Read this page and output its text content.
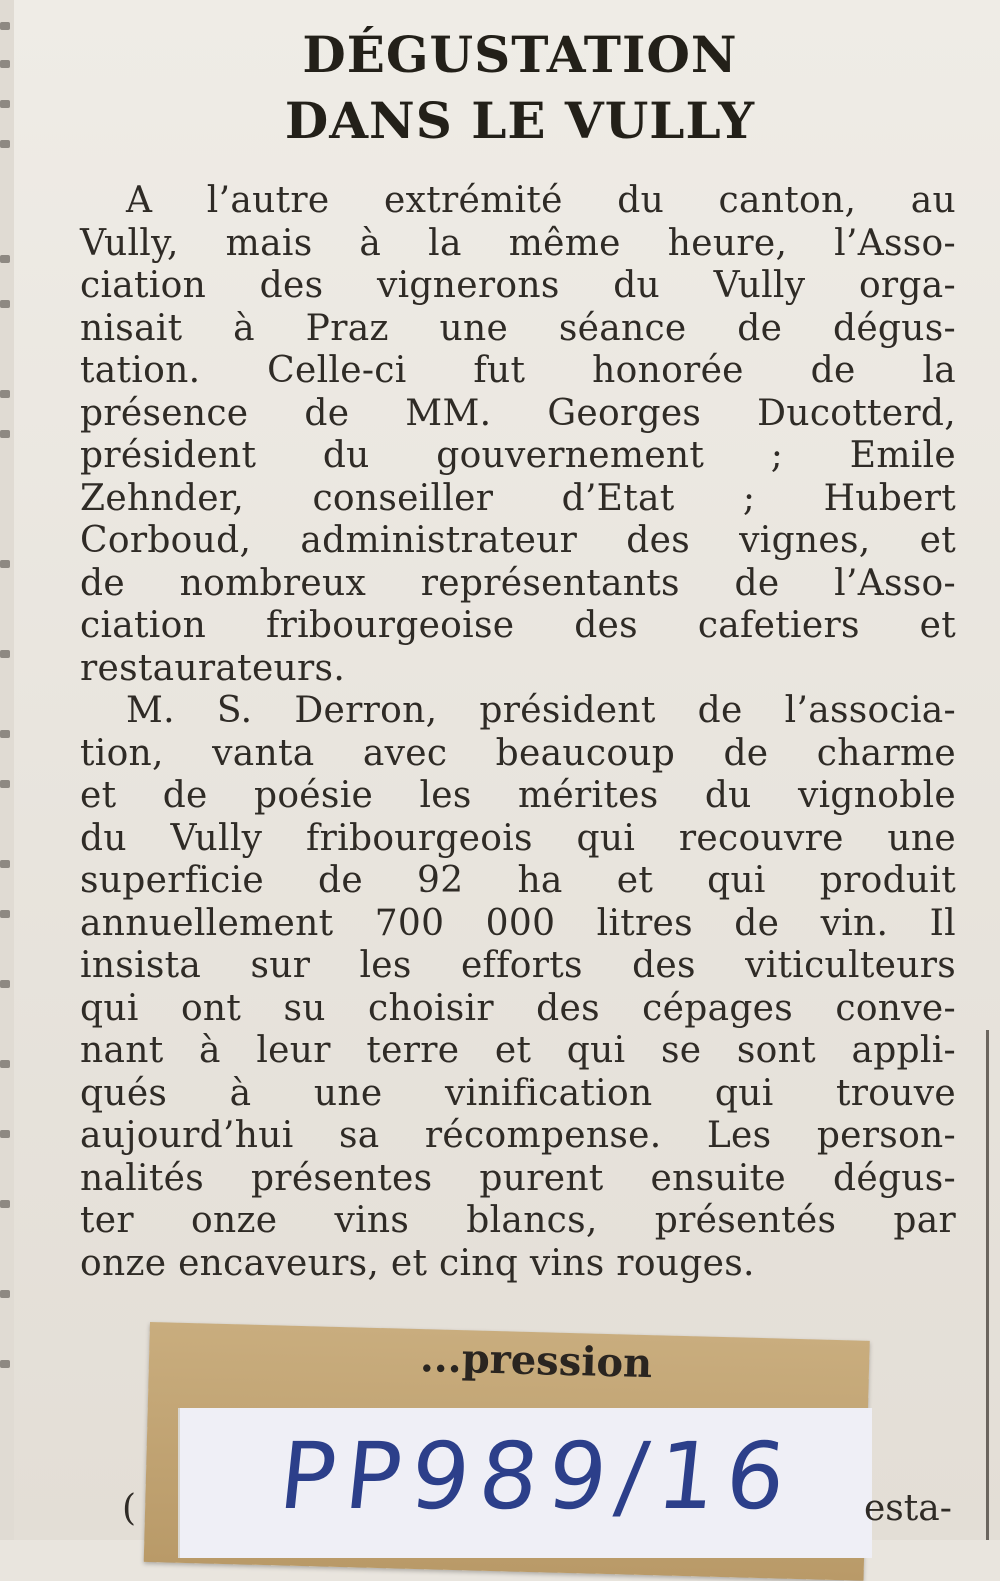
DÉGUSTATION
DANS LE VULLY
A l’autre extrémité du canton, au
Vully, mais à la même heure, l’Asso-
ciation des vignerons du Vully orga-
nisait à Praz une séance de dégus-
tation. Celle-ci fut honorée de la
présence de MM. Georges Ducotterd,
président du gouvernement ; Emile
Zehnder, conseiller d’Etat ; Hubert
Corboud, administrateur des vignes, et
de nombreux représentants de l’Asso-
ciation fribourgeoise des cafetiers et
restaurateurs.
M. S. Derron, président de l’associa-
tion, vanta avec beaucoup de charme
et de poésie les mérites du vignoble
du Vully fribourgeois qui recouvre une
superficie de 92 ha et qui produit
annuellement 700 000 litres de vin. Il
insista sur les efforts des viticulteurs
qui ont su choisir des cépages conve-
nant à leur terre et qui se sont appli-
qués à une vinification qui trouve
aujourd’hui sa récompense. Les person-
nalités présentes purent ensuite dégus-
ter onze vins blancs, présentés par
onze encaveurs, et cinq vins rouges.
...pression
PP989/16
(	esta-
